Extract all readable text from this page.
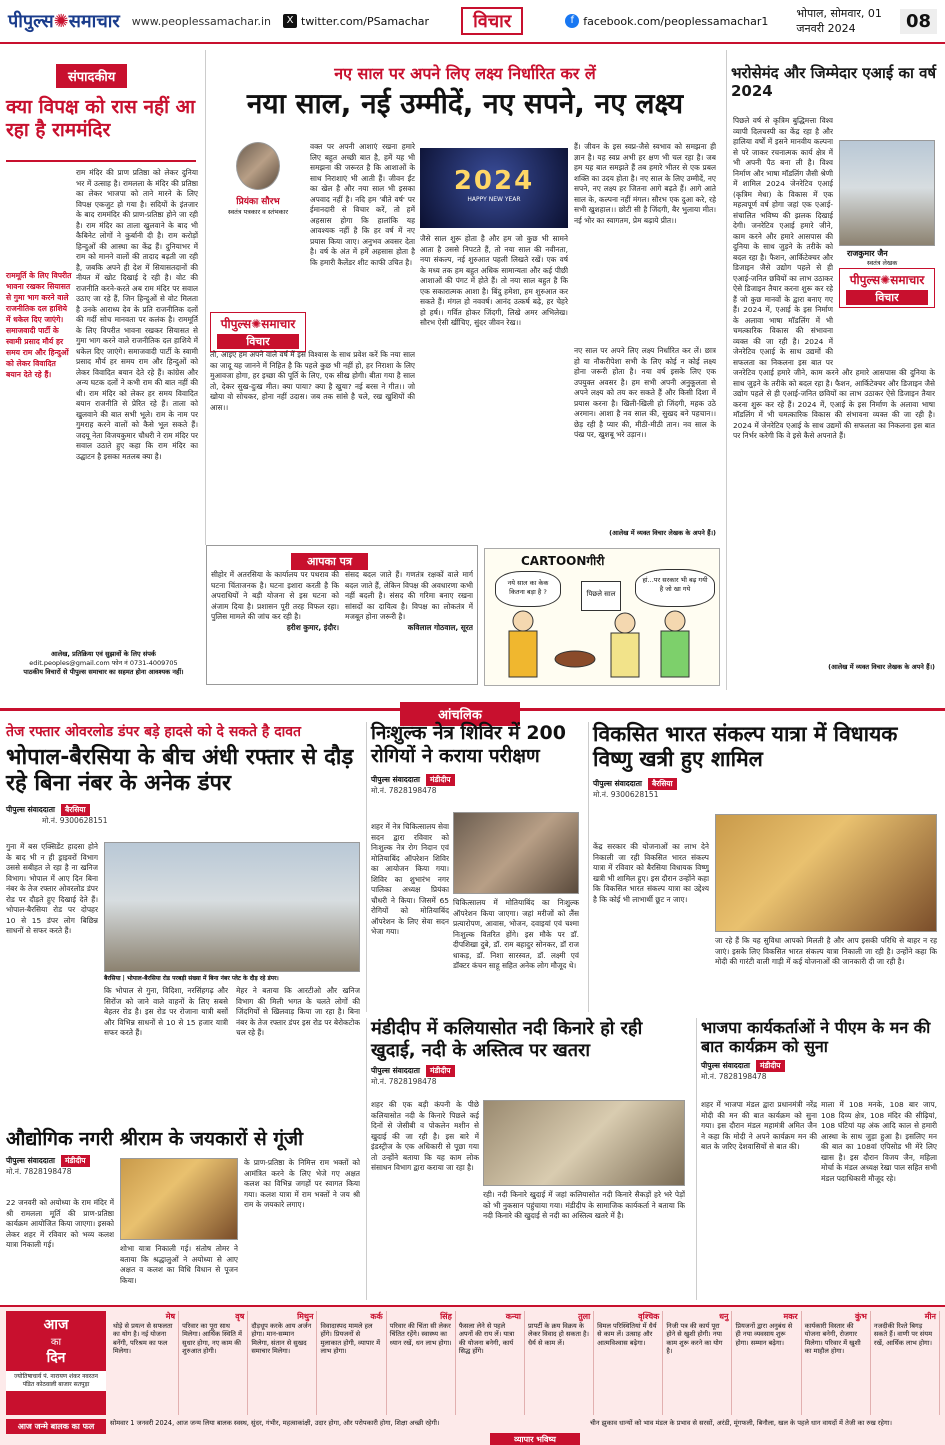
पीपुल्स✺समाचार www.peoplessamachar.in	X twitter.com/PSamachar	विचार	f facebook.com/peoplessamachar1
भोपाल, सोमवार, 01 जनवरी 2024	08
संपादकीय
क्या विपक्ष को रास नहीं आ रहा है राममंदिर
राम मंदिर की प्राण प्रतिष्ठा को लेकर दुनिया भर में उत्साह है। रामलला के मंदिर की प्रतिष्ठा का लेकर भाजपा को ताने मारने के लिए विपक्ष एकजुट हो गया है। सदियों के इंतजार के बाद राममंदिर की प्राण-प्रतिष्ठा होने जा रही है। राम मंदिर का ताला खुलवाने के बाद भी कैबिनेट लोगों ने कुर्बानी दी है। राम करोड़ों हिन्दुओं की आस्था का केंद्र हैं। दुनियाभर में राम को मानने वालों की तादाद बढ़ती जा रही है, जबकि अपने ही देश में सियासतदानों की नीयत में खोट दिखाई दे रही है। वोट की राजनीति करने-करते अब राम मंदिर पर सवाल उठाए जा रहे हैं, जिन हिन्दुओं से वोट मिलता है उनके आराध्य देव के प्रति राजनीतिक दलों की गर्दी सोच मानवता पर कलंक है। राममूर्ति के लिए विपरीत भावना रखकर सियासत से गुमा भाग करने वाले राजनीतिक दल हाशिये में धकेल दिए जाएंगे। समाजवादी पार्टी के स्वामी प्रसाद मौर्य हर समय राम और हिन्दुओं को लेकर विवादित बयान देते रहे हैं। कांग्रेस और अन्य घटक दलों ने कभी राम की बात नहीं की थी। राम मंदिर को लेकर हर समय विवादित बयान राजनीति से प्रेरित रहे हैं। ताला को खुलवाने की बात सभी भूले। राम के नाम पर गुमराह करने वालों को कैसे भूल सकते हैं। जदयू नेता विजयकुमार चौधरी ने राम मंदिर पर सवाल उठाते हुए कहा कि राम मंदिर का उद्घाटन है इसका मतलब क्या है।
राममूर्ति के लिए विपरीत भावना रखकर सियासत से गुमा भाग करने वाले राजनीतिक दल हाशिये में धकेल दिए जाएंगे। समाजवादी पार्टी के स्वामी प्रसाद मौर्य हर समय राम और हिन्दुओं को लेकर विवादित बयान देते रहे हैं।
आलेख, प्रतिक्रिया एवं सुझावों के लिए संपर्क
edit.peoples@gmail.com फोन नं 0731-4009705
पाठकीय विचारों से पीपुल्स समाचार का सहमत होना आवश्यक नहीं।
नए साल पर अपने लिए लक्ष्य निर्धारित कर लें
नया साल, नई उम्मीदें, नए सपने, नए लक्ष्य
प्रियंका सौरभ
स्वतंत्र पत्रकार व स्तंभकार
पीपुल्स✺समाचार
विचार
वक्त पर अपनी आशाएं रखना हमारे लिए बहुत अच्छी बात है, हमें यह भी समझना की जरूरत है कि आशाओं के साथ निराशाएं भी आती हैं। जीवन ईंट का खेल है और नया साल भी इसका अपवाद नहीं है। नदि हम 'बीते वर्ष' पर ईमानदारी से विचार करें, तो हमें अहसास होगा कि हालांकि यह आवश्यक नहीं है कि हर वर्ष में नए प्रयास किया जाए। अनुभव अवसर देता है। वर्ष के अंत में हमें अहसास होता है कि हमारी कैलेंडर शीट काफी उचित है।
तो, आइए हम अपने वाले वर्ष में इस विश्वास के साथ प्रवेश करें कि नया साल का जादू यह जानने में निहित है कि पहले कुछ भी नहीं हो, हर निराशा के लिए मुआवजा होगा, हर इच्छा की पूर्ति के लिए, एक सीख होगी। बीता गया है साल तो, देकर सुख-दुःख मीत। क्या पाया? क्या है खुया? नई बरस ने गीत।। जो खोया वो सोचकर, होना नहीं उदास। जब तक सांसे है चले, रख खुशियों की आस।।
2024
HAPPY NEW YEAR
जैसे साल शुरू होता है और हम जो कुछ भी सामने आता है उससे निपटते हैं, तो नया साल की नवीनता, नया संकल्प, नई शुरुआत पहली लिखते रखें। एक वर्ष के मध्य तक हम बहुत अधिक सामान्यता और कई पीछी आशाओं की पंगट में होते हैं। तो नया साल बहुत है कि एक सकारात्मक आशा है। बिंदु हमेशा, हम शुरुआत कर सकते हैं। मंगल हो नववर्ष। आनंद उत्कर्ष बढ़े, हर चेहरे हो हर्ष।। गर्वित होकर जिंदगी, लिखे अमर अभिलेख। सौरभ ऐसी खींचिए, सुंदर जीवन रेख।।
हैं। जीवन के इस स्वप्न-जैसे स्वभाव को समझना ही ज्ञान है। यह स्वप्न अभी हर क्षण भी चल रहा है। जब हम यह बात समझते हैं तब हमारे भीतर से एक प्रबल शक्ति का उदय होता है। नए साल के लिए उम्मीदें, नए सपने, नए लक्ष्य हर जितना आगे बढ़ते हैं। आगे आते साल के, कल्पना नहीं मंगल। सौरभ एक दुआ करे, रहे सभी खुशहाल।। छोटी सी है जिंदगी, बैर भुलाया मीत। नई भोर का स्वागतम, प्रेम बढ़ाये प्रीत।।
नए साल पर अपने लिए लक्ष्य निर्धारित कर लें। छात्र हो या नौकरीपेशा सभी के लिए कोई न कोई लक्ष्य होना जरूरी होता है। नया वर्ष इसके लिए एक उपयुक्त अवसर है। हम सभी अपनी अनुकूलता से अपने लक्ष्य को तय कर सकते हैं और किसी दिशा में प्रयास करना है। खिली-खिली हो जिंदगी, महक उठे अरमान। आशा है नव साल की, सुखद बने पहचान।। छेड़ रही है प्यार की, मीठी-मीठी तान। नव साल के पंख पर, खुशबू भरे उड़ान।।
(आलेख में व्यक्त विचार लेखक के अपने हैं।)
आपका पत्र
सीहोर में अतरसिया के कार्यालय पर पथराव की घटना चिंताजनक है। घटना इशारा करती है कि अपराधियों ने बड़ी योजना से इस घटना को अंजाम दिया है। प्रशासन पूरी तरह विफल रहा। पुलिस मामले की जांच कर रही है।
हरीश कुमार, इंदौर।
संसद बदल जाते हैं। गणतंत्र रक्षकों वाले मार्ग बदल जाते हैं, लेकिन विपक्ष की अवधारणा कभी नहीं बदली है। संसद की गरिमा बनाए रखना सांसदों का दायित्व है। विपक्ष का लोकतंत्र में मजबूत होना जरूरी है।
कविलाल गोठवाल, सूरत
CARTOONगीरी
नये साल का केक कितना बड़ा है ?
हां...पर सरकार भी बढ़ गयी है जो खा गये
पिछले साल
भरोसेमंद और जिम्मेदार एआई का वर्ष 2024
पिछले वर्ष से कृत्रिम बुद्धिमत्ता विश्व व्यापी दिलचस्पी का केंद्र रहा है और हालिया वर्षों में इसने मानवीय कल्पना से परे जाकर रचनात्मक कार्य क्षेत्र में भी अपनी पैठ बना ली है। विश्व निर्माण और भाषा मॉडलिंग जैसी श्रेणी में शामिल 2024 जेनरेटिव एआई (कृत्रिम मेधा) के विकास में एक महत्वपूर्ण वर्ष होगा जहां एक एआई-संचालित भविष्य की झलक दिखाई देगी। जनरेटिव एआई हमारे जीने, काम करने और हमारे आसपास की दुनिया के साथ जुड़ने के तरीके को बदल रहा है। फैशन, आर्किटेक्चर और डिजाइन जैसे उद्योग पहले से ही एआई-जनित छवियों का लाभ उठाकर ऐसे डिजाइन तैयार करना शुरू कर रहे हैं जो कुछ मानवों के द्वारा बनाए गए हैं। 2024 में, एआई के इस निर्माण के अलावा भाषा मॉडलिंग में भी चमत्कारिक विकास की संभावना व्यक्त की जा रही है। 2024 में जेनरेटिव एआई के साथ उद्यमों की सफलता का निकलना इस बात पर
राजकुमार जैन
स्वतंत्र लेखक
पीपुल्स✺समाचार
विचार
जनरेटिव एआई हमारे जीने, काम करने और हमारे आसपास की दुनिया के साथ जुड़ने के तरीके को बदल रहा है। फैशन, आर्किटेक्चर और डिजाइन जैसे उद्योग पहले से ही एआई-जनित छवियों का लाभ उठाकर ऐसे डिजाइन तैयार करना शुरू कर रहे हैं। 2024 में, एआई के इस निर्माण के अलावा भाषा मॉडलिंग में भी चमत्कारिक विकास की संभावना व्यक्त की जा रही है। 2024 में जेनरेटिव एआई के साथ उद्यमों की सफलता का निकलना इस बात पर निर्भर करेगी कि वे इसे कैसे अपनाते हैं।
(आलेख में व्यक्त विचार लेखक के अपने हैं।)
आंचलिक
तेज रफ्तार ओवरलोड डंपर बड़े हादसे को दे सकते है दावत
भोपाल-बैरसिया के बीच अंधी रफ्तार से दौड़ रहे बिना नंबर के अनेक डंपर
पीपुल्स संवाददाता	बैरसिया
मो.नं. 9300628151
गुना में बस एक्सिडेंट हादसा होने के बाद भी न ही ड्राइवरों विभाग उससे सबीहत ले रहा है ना खनिज विभाग। भोपाल में आए दिन बिना नंबर के तेज रफ्तार ओवरलोड डंपर रोड पर दौड़ते हुए दिखाई देते हैं। भोपाल-बैरसिया रोड पर दोपहर 10 से 15 डंपर लोग बिछिन्न साधनों से सफर करते हैं।
बैरसिया | भोपाल-बैरसिया रोड परबड़ी संख्या में बिना नंबर प्लेट के दौड़ रहे डंपर।
कि भोपाल से गुना, विदिशा, नरसिंहगढ़ और सिरोंज को जाने वाले वाहनों के लिए सबसे बेहतर रोड है। इस रोड पर रोजाना यात्री बसों और विभिन्न साधनों से 10 से 15 हजार यात्री सफर करते हैं।
मेहर ने बताया कि आरटीओ और खनिज विभाग की मिली भगत के चलते लोगों की जिंदगियों से खिलवाड़ किया जा रहा है। बिना नंबर के तेज रफ्तार डंपर इस रोड पर बेरोकटोक चल रहे हैं।
औद्योगिक नगरी श्रीराम के जयकारों से गूंजी
पीपुल्स संवाददाता	मंडीदीप
मो.नं. 7828198478
22 जनवरी को अयोध्या के राम मंदिर में श्री रामलला मूर्ति की प्राण-प्रतिष्ठा कार्यक्रम आयोजित किया जाएगा। इसको लेकर शहर में रविवार को भव्य कलश यात्रा निकाली गई।	शोभा यात्रा निकाली गई। संतोष तोमर ने बताया कि श्रद्धालुओं ने अयोध्या से आए अक्षत व कलश का विधि विधान से पूजन किया।
के प्राण-प्रतिष्ठा के निमित्त राम भक्तों को आमंत्रित करने के लिए भेजे गए अक्षत कलश का विभिन्न जगहों पर स्वागत किया गया। कलश यात्रा में राम भक्तों ने जय श्री राम के जयकारे लगाए।
निःशुल्क नेत्र शिविर में 200 रोगियों ने कराया परीक्षण
पीपुल्स संवाददाता	मंडीदीप
मो.नं. 7828198478
शहर में नेत्र चिकित्सालय सेवा सदन द्वारा रविवार को निःशुल्क नेत्र रोग निदान एवं मोतियाबिंद ऑपरेशन शिविर का आयोजन किया गया। शिविर का शुभारंभ नगर पालिका अध्यक्ष प्रियंका चौधरी ने किया। जिसमें 65 रोगियों को मोतियाबिंद ऑपरेशन के लिए सेवा सदन भेजा गया।
चिकित्सालय में मोतियाबिंद का निःशुल्क ऑपरेशन किया जाएगा। जहां मरीजों को लैंस प्रत्यारोपण, आवास, भोजन, दवाइयां एवं चश्मा निःशुल्क वितरित होंगे। इस मौके पर डॉ. दीपशिखा दुबे, डॉ. राम बहादुर सोनकर, डॉ राज धाकड़, डॉ. निशा सारस्वत, डॉ. लक्ष्मी एवं डॉक्टर कंचन साहू सहित अनेक लोग मौजूद थे।
मंडीदीप में कलियासोत नदी किनारे हो रही खुदाई, नदी के अस्तित्व पर खतरा
पीपुल्स संवाददाता	मंडीदीप
मो.नं. 7828198478
शहर की एक बड़ी कंपनी के पीछे कलियासोत नदी के किनारे पिछले कई दिनों से जेसीबी व पोकलेन मशीन से खुदाई की जा रही है। इस बारे में इंडस्ट्रीज के एक अधिकारी से पूछा गया तो उन्होंने बताया कि यह काम लोक संसाधन विभाग द्वारा कराया जा रहा है।
रही। नदी किनारे खुदाई में जहां कलियासोत नदी किनारे सैकड़ों हरे भरे पेड़ों को भी नुकसान पहुंचाया गया। मंडीदीप के सामाजिक कार्यकर्ता ने बताया कि नदी किनारे की खुदाई से नदी का अस्तित्व खतरे में है।
विकसित भारत संकल्प यात्रा में विधायक विष्णु खत्री हुए शामिल
पीपुल्स संवाददाता	बैरसिया
मो.नं. 9300628151
केंद्र सरकार की योजनाओं का लाभ देने निकाली जा रही विकसित भारत संकल्प यात्रा में रविवार को बैरसिया विधायक विष्णु खत्री भी शामिल हुए। इस दौरान उन्होंने कहा कि विकसित भारत संकल्प यात्रा का उद्देश्य है कि कोई भी लाभार्थी छूट न जाए।
जा रहे हैं कि यह सुविधा आपको मिलती है और आप इसकी परिधि से बाहर न रह जाएं। इसके लिए विकसित भारत संकल्प यात्रा निकाली जा रही है। उन्होंने कहा कि मोदी की गारंटी वाली गाड़ी में कई योजनाओं की जानकारी दी जा रही है।
भाजपा कार्यकर्ताओं ने पीएम के मन की बात कार्यक्रम को सुना
पीपुल्स संवाददाता	मंडीदीप
मो.नं. 7828198478
शहर में भाजपा मंडल द्वारा प्रधानमंत्री नरेंद्र मोदी की मन की बात कार्यक्रम को सुना गया। इस दौरान मंडल महामंत्री अमित जैन ने कहा कि मोदी ने अपने कार्यक्रम मन की बात के जरिए देशवासियों से बात की।
माला में 108 मनके, 108 बार जाप, 108 दिव्य क्षेत्र, 108 मंदिर की सीढ़ियां, 108 घंटियां यह अंक आदि काल से हमारी आस्था के साथ जुड़ा हुआ है। इसलिए मन की बात का 108वां एपिसोड भी मेरे लिए खास है। इस दौरान विजय जैन, महिला मोर्चा के मंडल अध्यक्ष रेखा पाल सहित सभी मंडल पदाधिकारी मौजूद रहे।
आज
का
दिन
ज्योतिषाचार्य पं. नारायण शंकर नवरतन पंडित कोठवाली बाजार सतपुड़ा
मेष
थोड़े से प्रयत्न से सफलता का योग है। नई योजना बनेंगी, परिश्रम का फल मिलेगा।
वृष
परिवार का पूरा साथ मिलेगा। आर्थिक स्थिति में सुधार होगा, नए काम की शुरुआत होगी।
मिथुन
दौड़धूप करके आय अर्जन होगा। मान-सम्मान मिलेगा, संतान से सुखद समाचार मिलेगा।
कर्क
विवादास्पद मामले हल होंगे। प्रियजनों से मुलाकात होगी, व्यापार में लाभ होगा।
सिंह
परिवार की चिंता सी लेकर चिंतित रहेंगे। स्वास्थ्य का ध्यान रखें, धन लाभ होगा।
कन्या
फैसला लेने से पहले अपनों की राय लें। यात्रा की योजना बनेगी, कार्य सिद्ध होंगे।
तुला
प्रापर्टी के क्रय विक्रय के लेकर विवाद हो सकता है। धैर्य से काम लें।
वृश्चिक
विमल परिस्थितियां में धैर्य से काम लें। उत्साह और आत्मविश्वास बढ़ेगा।
धनु
निजी पत्र की कार्य पूरा होने से खुशी होगी। नया काम शुरू करने का योग है।
मकर
प्रियजनों द्वारा अनुबंध से ही नया व्यवसाय शुरू होगा। सम्मान बढ़ेगा।
कुंभ
कार्यकारी विस्तार की योजना बनेगी, रोजगार मिलेगा। परिवार में खुशी का माहौल होगा।
मीन
नजदीकी रिश्ते बिगड़ सकते हैं। वाणी पर संयम रखें, आर्थिक लाभ होगा।
आज जन्मे बालक का फल	सोमवार 1 जनवरी 2024, आज जन्म लिया बालक स्वस्थ, सुंदर, गंभीर, महत्वाकांक्षी, उदार होगा, और परोपकारी होगा, शिक्षा अच्छी रहेगी।
व्यापार भविष्य
चीन झुकाव धान्यों को भाव मंडल के प्रभाव से सरसों, अरंडी, मूंगफली, बिनौला, खल के पहले धान वायदों में तेजी का रुख रहेगा।
